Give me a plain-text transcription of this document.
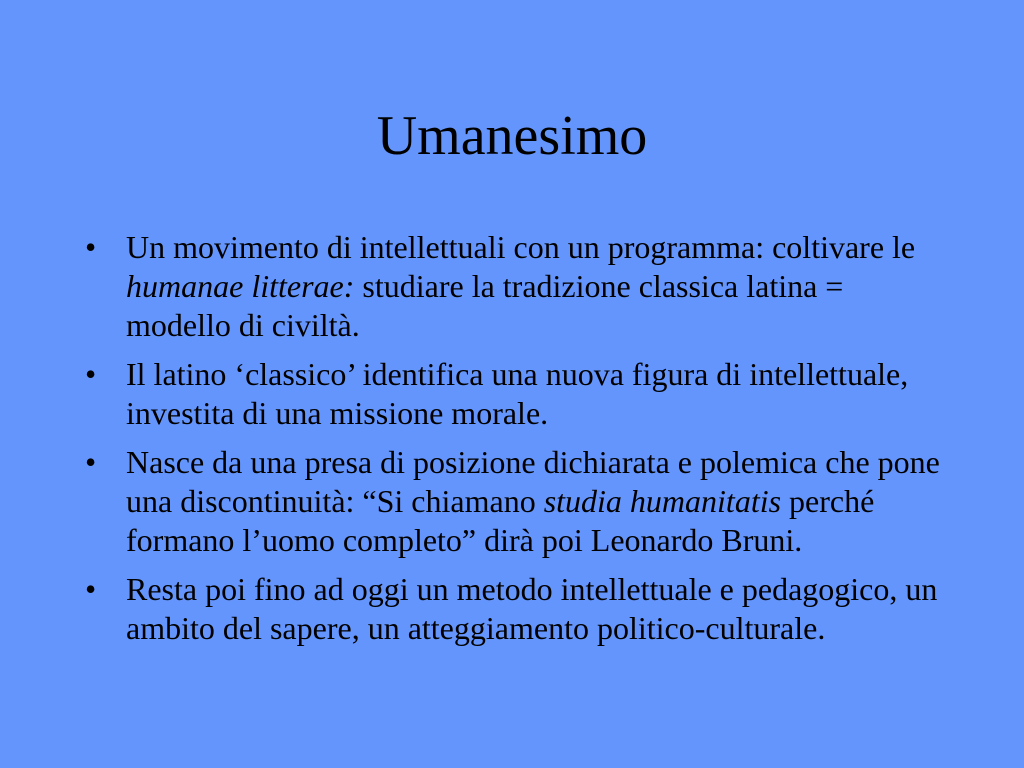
Umanesimo
• Un movimento di intellettuali con un programma: coltivare le humanae litterae: studiare la tradizione classica latina = modello di civiltà.
• Il latino ‘classico’ identifica una nuova figura di intellettuale, investita di una missione morale.
• Nasce da una presa di posizione dichiarata e polemica che pone una discontinuità: “Si chiamano studia humanitatis perché formano l’uomo completo” dirà poi Leonardo Bruni.
• Resta poi fino ad oggi un metodo intellettuale e pedagogico, un ambito del sapere, un atteggiamento politico-culturale.
